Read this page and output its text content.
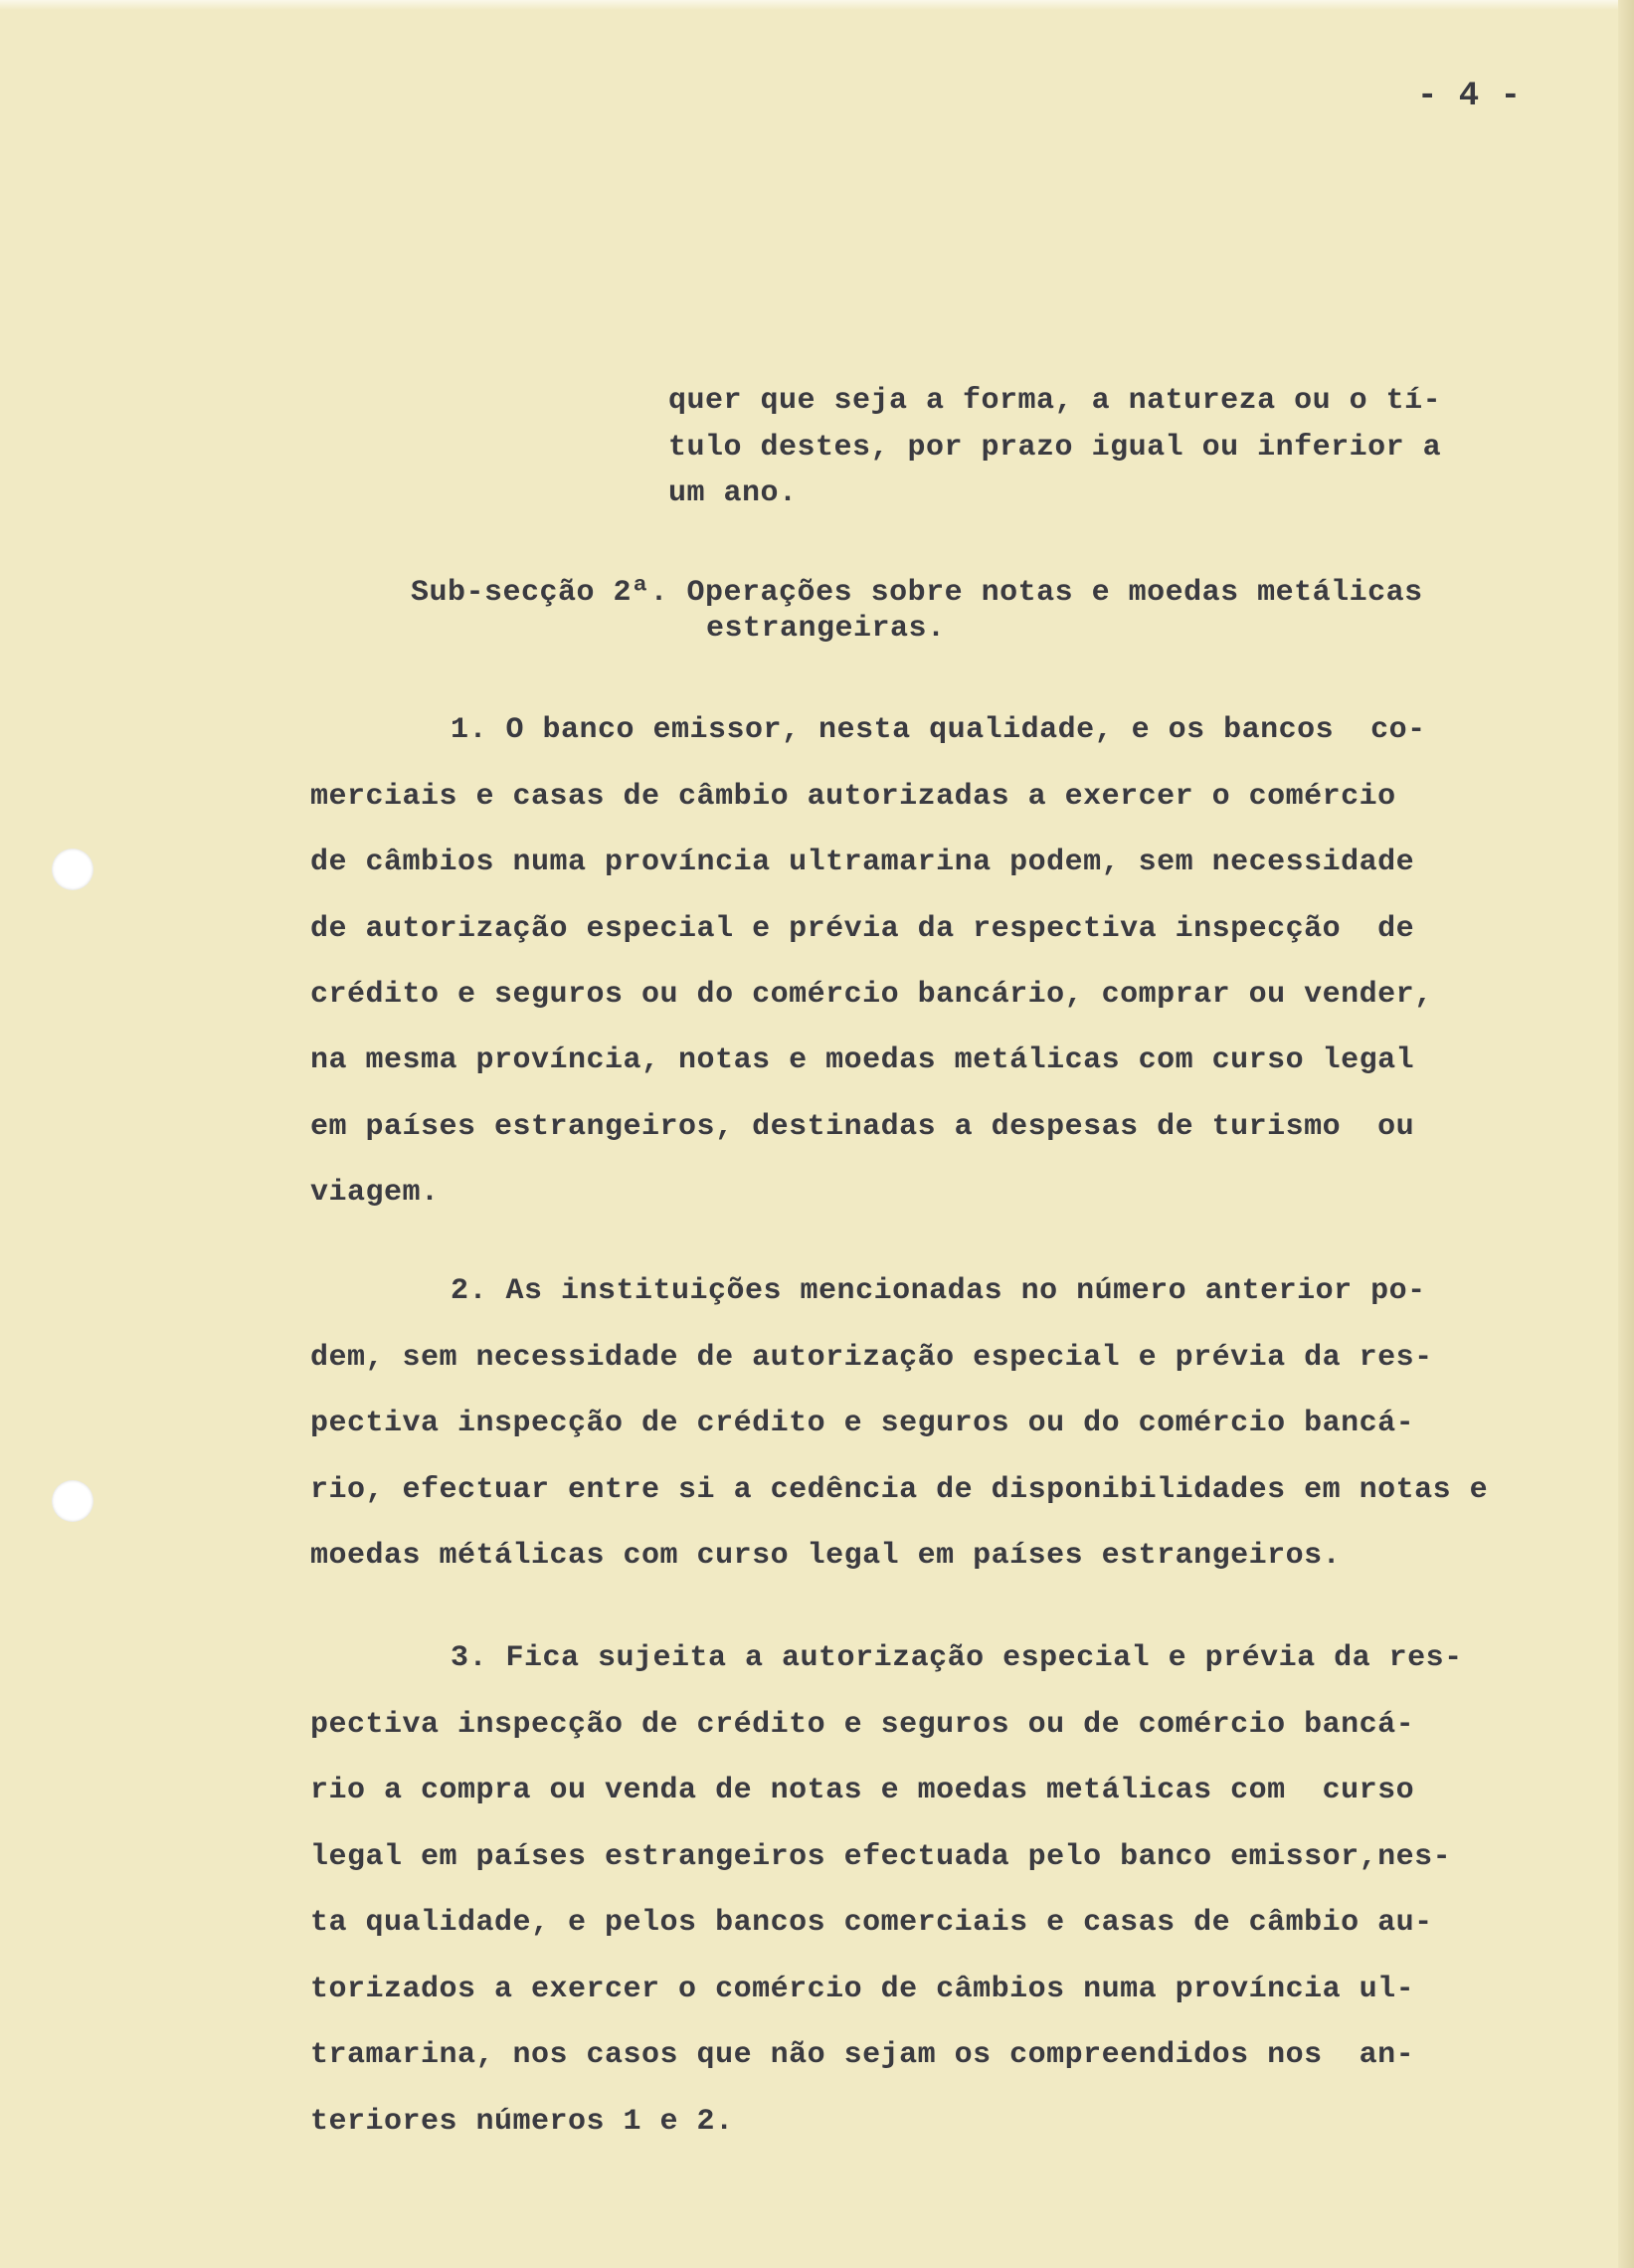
- 4 -
quer que seja a forma, a natureza ou o tí-
tulo destes, por prazo igual ou inferior a
um ano.
Sub-secção 2ª. Operações sobre notas e moedas metálicas
estrangeiras.
1. O banco emissor, nesta qualidade, e os bancos  co-
merciais e casas de câmbio autorizadas a exercer o comércio
de câmbios numa província ultramarina podem, sem necessidade
de autorização especial e prévia da respectiva inspecção  de
crédito e seguros ou do comércio bancário, comprar ou vender,
na mesma província, notas e moedas metálicas com curso legal
em países estrangeiros, destinadas a despesas de turismo  ou
viagem.
2. As instituições mencionadas no número anterior po-
dem, sem necessidade de autorização especial e prévia da res-
pectiva inspecção de crédito e seguros ou do comércio bancá-
rio, efectuar entre si a cedência de disponibilidades em notas e
moedas métálicas com curso legal em países estrangeiros.
3. Fica sujeita a autorização especial e prévia da res-
pectiva inspecção de crédito e seguros ou de comércio bancá-
rio a compra ou venda de notas e moedas metálicas com  curso
legal em países estrangeiros efectuada pelo banco emissor,nes-
ta qualidade, e pelos bancos comerciais e casas de câmbio au-
torizados a exercer o comércio de câmbios numa província ul-
tramarina, nos casos que não sejam os compreendidos nos  an-
teriores números 1 e 2.
